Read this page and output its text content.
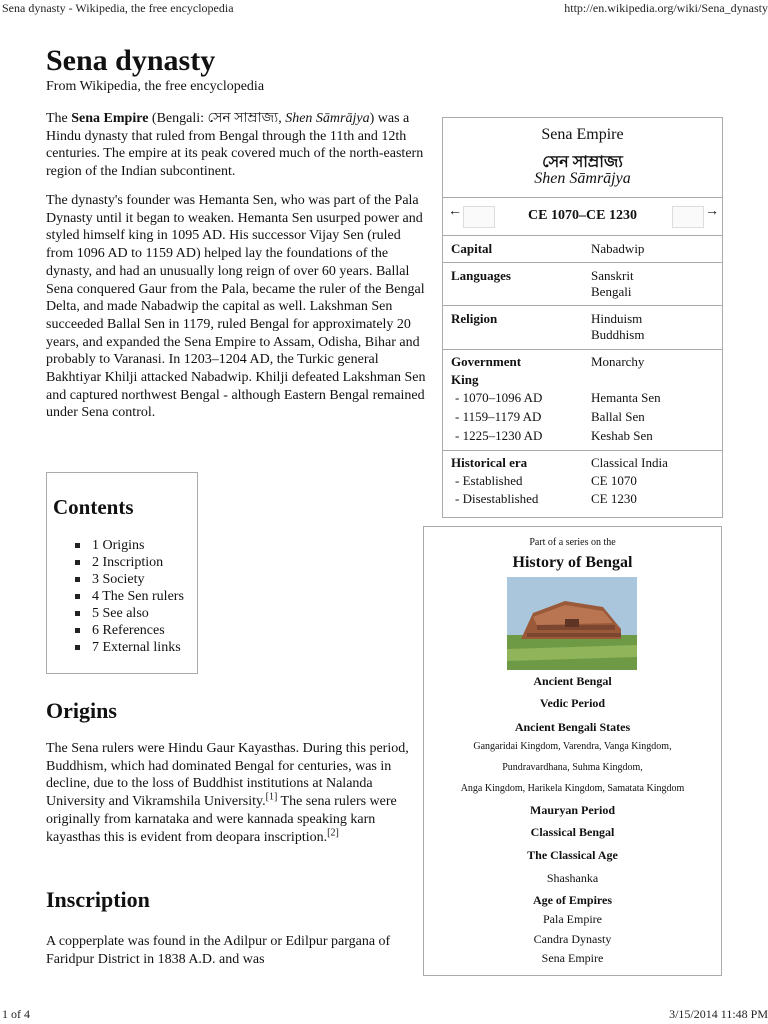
Sena dynasty - Wikipedia, the free encyclopedia	http://en.wikipedia.org/wiki/Sena_dynasty
1 of 4	3/15/2014 11:48 PM
Sena dynasty
From Wikipedia, the free encyclopedia

The Sena Empire (Bengali: সেন সাম্রাজ্য, Shen Sāmrājya) was a Hindu dynasty that ruled from Bengal through the 11th and 12th centuries. The empire at its peak covered much of the north-eastern region of the Indian subcontinent.

The dynasty's founder was Hemanta Sen, who was part of the Pala Dynasty until it began to weaken. Hemanta Sen usurped power and styled himself king in 1095 AD. His successor Vijay Sen (ruled from 1096 AD to 1159 AD) helped lay the foundations of the dynasty, and had an unusually long reign of over 60 years. Ballal Sena conquered Gaur from the Pala, became the ruler of the Bengal Delta, and made Nabadwip the capital as well. Lakshman Sen succeeded Ballal Sen in 1179, ruled Bengal for approximately 20 years, and expanded the Sena Empire to Assam, Odisha, Bihar and probably to Varanasi. In 1203–1204 AD, the Turkic general Bakhtiyar Khilji attacked Nabadwip. Khilji defeated Lakshman Sen and captured northwest Bengal - although Eastern Bengal remained under Sena control.

Contents
1 Origins
2 Inscription
3 Society
4 The Sen rulers
5 See also
6 References
7 External links
Origins

The Sena rulers were Hindu Gaur Kayasthas. During this period, Buddhism, which had dominated Bengal for centuries, was in decline, due to the loss of Buddhist institutions at Nalanda University and Vikramshila University.[1] The sena rulers were originally from karnataka and were kannada speaking karn kayasthas this is evident from deopara inscription.[2]

Inscription

A copperplate was found in the Adilpur or Edilpur pargana of Faridpur District in 1838 A.D. and was

Sena Empire
সেন সাম্রাজ্য
Shen Sāmrājya
←	CE 1070–CE 1230	→
Capital	Nabadwip
Languages	Sanskrit
Bengali
Religion	Hinduism
Buddhism
Government	Monarchy
King
- 1070–1096 AD	Hemanta Sen
- 1159–1179 AD	Ballal Sen
- 1225–1230 AD	Keshab Sen
Historical era	Classical India
- Established	CE 1070
- Disestablished	CE 1230
Part of a series on the
History of Bengal
Ancient Bengal
Vedic Period
Ancient Bengali States
Gangaridai Kingdom, Varendra, Vanga Kingdom,
Pundravardhana, Suhma Kingdom,
Anga Kingdom, Harikela Kingdom, Samatata Kingdom
Mauryan Period
Classical Bengal
The Classical Age
Shashanka
Age of Empires
Pala Empire
Candra Dynasty
Sena Empire
